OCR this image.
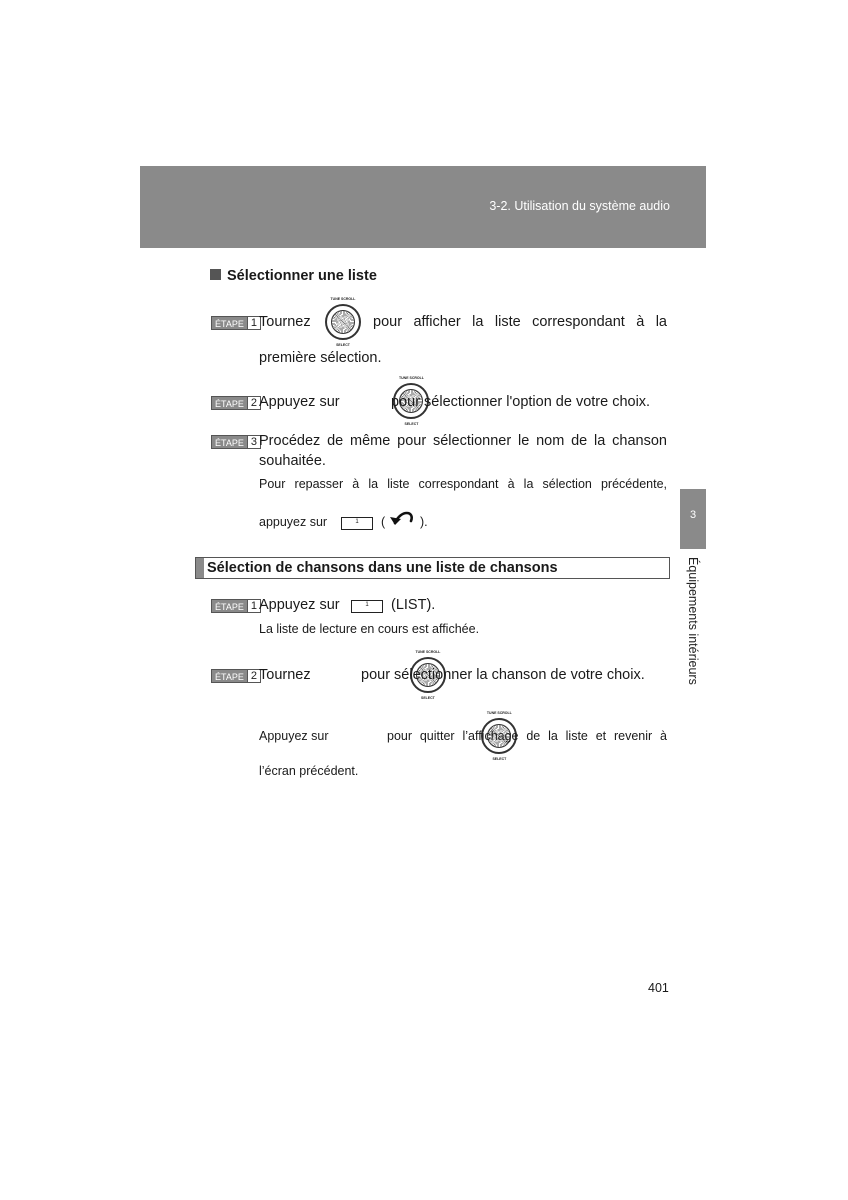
3-2. Utilisation du système audio
Sélectionner une liste
ÉTAPE 1 Tournez
TUNE SCROLL
SELECT

pour afficher la liste correspondant à la
première sélection.
ÉTAPE 2 Appuyez sur
TUNE SCROLL
SELECT

pour sélectionner l'option de votre choix.
ÉTAPE 3 Procédez de même pour sélectionner le nom de la chanson
souhaitée.
Pour repasser à la liste correspondant à la sélection précédente,
appuyez sur	1	(	).	3
Équipements intérieurs
Sélection de chansons dans une liste de chansons
ÉTAPE 1 Appuyez sur	1	(LIST).
La liste de lecture en cours est affichée.
ÉTAPE 2 Tournez
TUNE SCROLL
SELECT

pour sélectionner la chanson de votre choix.
Appuyez sur
TUNE SCROLL
SELECT
pour quitter l’affichage de la liste et revenir à
l’écran précédent.
401
